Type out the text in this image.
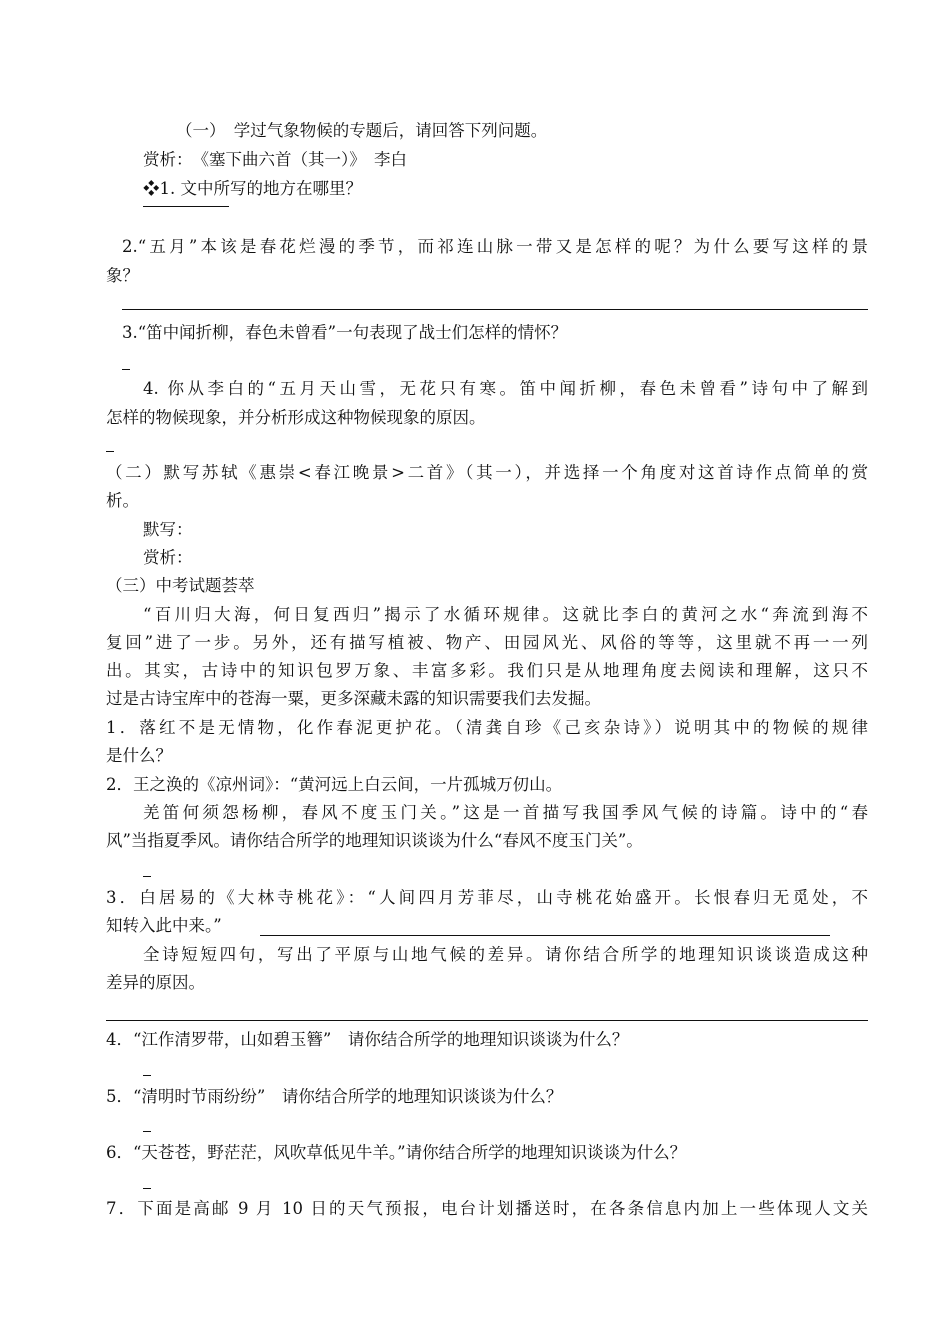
（一）　学过气象物候的专题后，请回答下列问题。
赏析：　《塞下曲六首（其一）》　李白
❖1. 文中所写的地方在哪里？
2.“五月”本该是春花烂漫的季节，而祁连山脉一带又是怎样的呢？为什么要写这样的景
象？
3.“笛中闻折柳，春色未曾看”一句表现了战士们怎样的情怀？
4. 你从李白的“五月天山雪，无花只有寒。笛中闻折柳，春色未曾看”诗句中了解到
怎样的物候现象，并分析形成这种物候现象的原因。
（二）默写苏轼《惠崇<春江晚景>二首》（其一），并选择一个角度对这首诗作点简单的赏
析。
默写：
赏析：
（三）中考试题荟萃
“百川归大海，何日复西归”揭示了水循环规律。这就比李白的黄河之水“奔流到海不
复回”进了一步。另外，还有描写植被、物产、田园风光、风俗的等等，这里就不再一一列
出。其实，古诗中的知识包罗万象、丰富多彩。我们只是从地理角度去阅读和理解，这只不
过是古诗宝库中的苍海一粟，更多深藏未露的知识需要我们去发掘。
1．落红不是无情物，化作春泥更护花。（清龚自珍《己亥杂诗》）说明其中的物候的规律
是什么？
2．王之涣的《凉州词》：“黄河远上白云间，一片孤城万仞山。
羌笛何须怨杨柳，春风不度玉门关。”这是一首描写我国季风气候的诗篇。诗中的“春
风”当指夏季风。请你结合所学的地理知识谈谈为什么“春风不度玉门关”。
3．白居易的《大林寺桃花》：“人间四月芳菲尽，山寺桃花始盛开。长恨春归无觅处，不
知转入此中来。”
全诗短短四句，写出了平原与山地气候的差异。请你结合所学的地理知识谈谈造成这种
差异的原因。
4．“江作清罗带，山如碧玉簪”　请你结合所学的地理知识谈谈为什么？
5．“清明时节雨纷纷”　请你结合所学的地理知识谈谈为什么？
6．“天苍苍，野茫茫，风吹草低见牛羊。”请你结合所学的地理知识谈谈为什么？
7．下面是高邮 9 月 10 日的天气预报，电台计划播送时，在各条信息内加上一些体现人文关
